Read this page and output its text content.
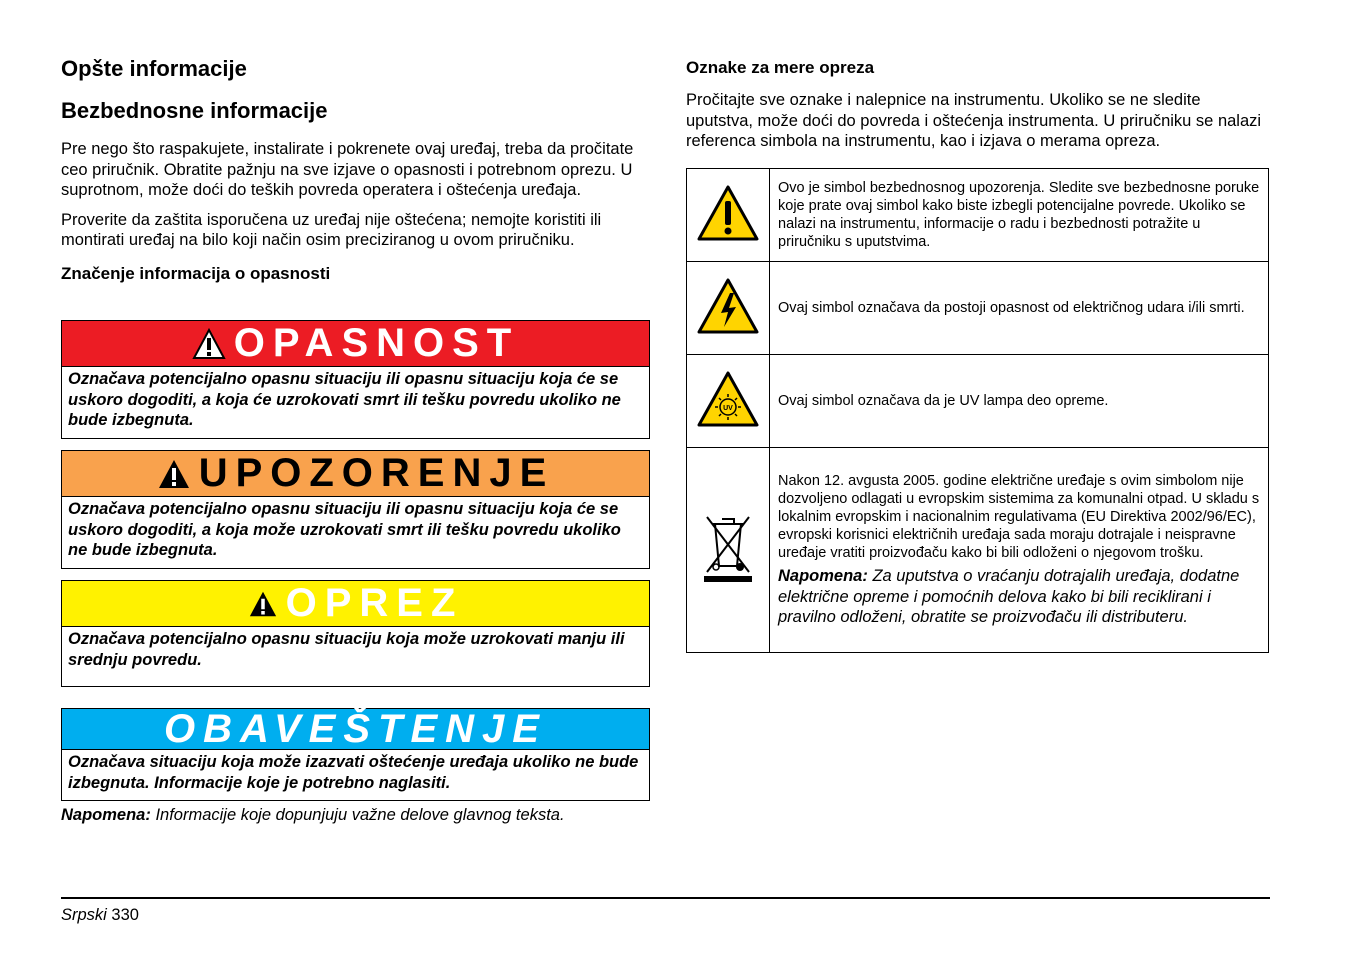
Opšte informacije
Bezbednosne informacije

Pre nego što raspakujete, instalirate i pokrenete ovaj uređaj, treba da pročitate ceo priručnik. Obratite pažnju na sve izjave o opasnosti i potrebnom oprezu. U suprotnom, može doći do teških povreda operatera i oštećenja uređaja.

Proverite da zaštita isporučena uz uređaj nije oštećena; nemojte koristiti ili montirati uređaj na bilo koji način osim preciziranog u ovom priručniku.

Značenje informacija o opasnosti
OPASNOST
Označava potencijalno opasnu situaciju ili opasnu situaciju koja će se uskoro dogoditi, a koja će uzrokovati smrt ili tešku povredu ukoliko ne bude izbegnuta.
UPOZORENJE
Označava potencijalno opasnu situaciju ili opasnu situaciju koja će se uskoro dogoditi, a koja može uzrokovati smrt ili tešku povredu ukoliko ne bude izbegnuta.
OPREZ
Označava potencijalno opasnu situaciju koja može uzrokovati manju ili srednju povredu.
OBAVEŠTENJE
Označava situaciju koja može izazvati oštećenje uređaja ukoliko ne bude izbegnuta. Informacije koje je potrebno naglasiti.
Napomena: Informacije koje dopunjuju važne delove glavnog teksta.
Oznake za mere opreza

Pročitajte sve oznake i nalepnice na instrumentu. Ukoliko se ne sledite uputstva, može doći do povreda i oštećenja instrumenta. U priručniku se nalazi referenca simbola na instrumentu, kao i izjava o merama opreza.

	Ovo je simbol bezbednosnog upozorenja. Sledite sve bezbednosne poruke koje prate ovaj simbol kako biste izbegli potencijalne povrede. Ukoliko se nalazi na instrumentu, informacije o radu i bezbednosti potražite u priručniku s uputstvima.
	Ovaj simbol označava da postoji opasnost od električnog udara i/ili smrti.

UV	Ovaj simbol označava da je UV lampa deo opreme.

Nakon 12. avgusta 2005. godine električne uređaje s ovim simbolom nije dozvoljeno odlagati u evropskim sistemima za komunalni otpad. U skladu s lokalnim evropskim i nacionalnim regulativama (EU Direktiva 2002/96/EC), evropski korisnici električnih uređaja sada moraju dotrajale i neispravne uređaje vratiti proizvođaču kako bi bili odloženi o njegovom trošku.
Napomena: Za uputstva o vraćanju dotrajalih uređaja, dodatne električne opreme i pomoćnih delova kako bi bili reciklirani i pravilno odloženi, obratite se proizvođaču ili distributeru.
Srpski 330
